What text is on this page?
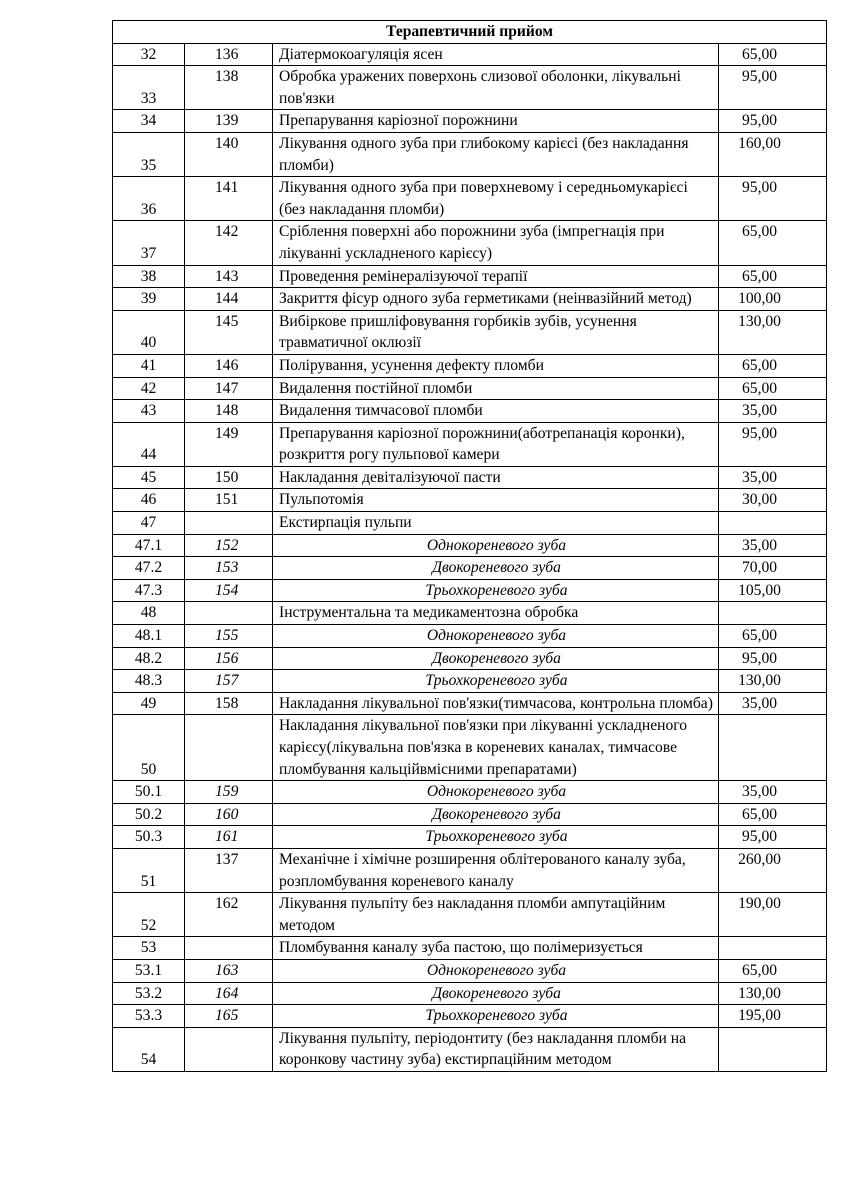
Терапевтичний прийом			
32	136	Діатермокоагуляція ясен	65,00
33	138	Обробка уражених поверхонь слизової оболонки, лікувальні пов'язки	95,00
34	139	Препарування каріозної порожнини	95,00
35	140	Лікування одного зуба при глибокому карієсі (без накладання пломби)	160,00
36	141	Лікування одного зуба при поверхневому і середньомукарієсі (без накладання пломби)	95,00
37	142	Сріблення поверхні або порожнини зуба (імпрегнація при лікуванні ускладненого карієсу)	65,00
38	143	Проведення ремінералізуючої терапії	65,00
39	144	Закриття фісур одного зуба герметиками (неінвазійний метод)	100,00
40	145	Вибіркове пришліфовування горбиків зубів, усунення травматичної оклюзії	130,00
41	146	Полірування, усунення дефекту пломби	65,00
42	147	Видалення постійної пломби	65,00
43	148	Видалення тимчасової пломби	35,00
44	149	Препарування каріозної порожнини(аботрепанація коронки), розкриття рогу пульпової камери	95,00
45	150	Накладання девіталізуючої пасти	35,00
46	151	Пульпотомія	30,00
47		Екстирпація пульпи	
47.1	152	Однокореневого зуба	35,00
47.2	153	Двокореневого зуба	70,00
47.3	154	Трьохкореневого зуба	105,00
48		Інструментальна та медикаментозна обробка	
48.1	155	Однокореневого зуба	65,00
48.2	156	Двокореневого зуба	95,00
48.3	157	Трьохкореневого зуба	130,00
49	158	Накладання лікувальної пов'язки(тимчасова, контрольна пломба)	35,00
50		Накладання лікувальної пов'язки при лікуванні ускладненого карієсу(лікувальна пов'язка в кореневих каналах, тимчасове пломбування кальційвмісними препаратами)	
50.1	159	Однокореневого зуба	35,00
50.2	160	Двокореневого зуба	65,00
50.3	161	Трьохкореневого зуба	95,00
51	137	Механічне і хімічне розширення облітерованого каналу зуба, розпломбування кореневого каналу	260,00
52	162	Лікування пульпіту без накладання пломби ампутаційним методом	190,00
53		Пломбування каналу зуба пастою, що полімеризується	
53.1	163	Однокореневого зуба	65,00
53.2	164	Двокореневого зуба	130,00
53.3	165	Трьохкореневого зуба	195,00
54		Лікування пульпіту, періодонтиту (без накладання пломби на коронкову частину зуба) екстирпаційним методом	
